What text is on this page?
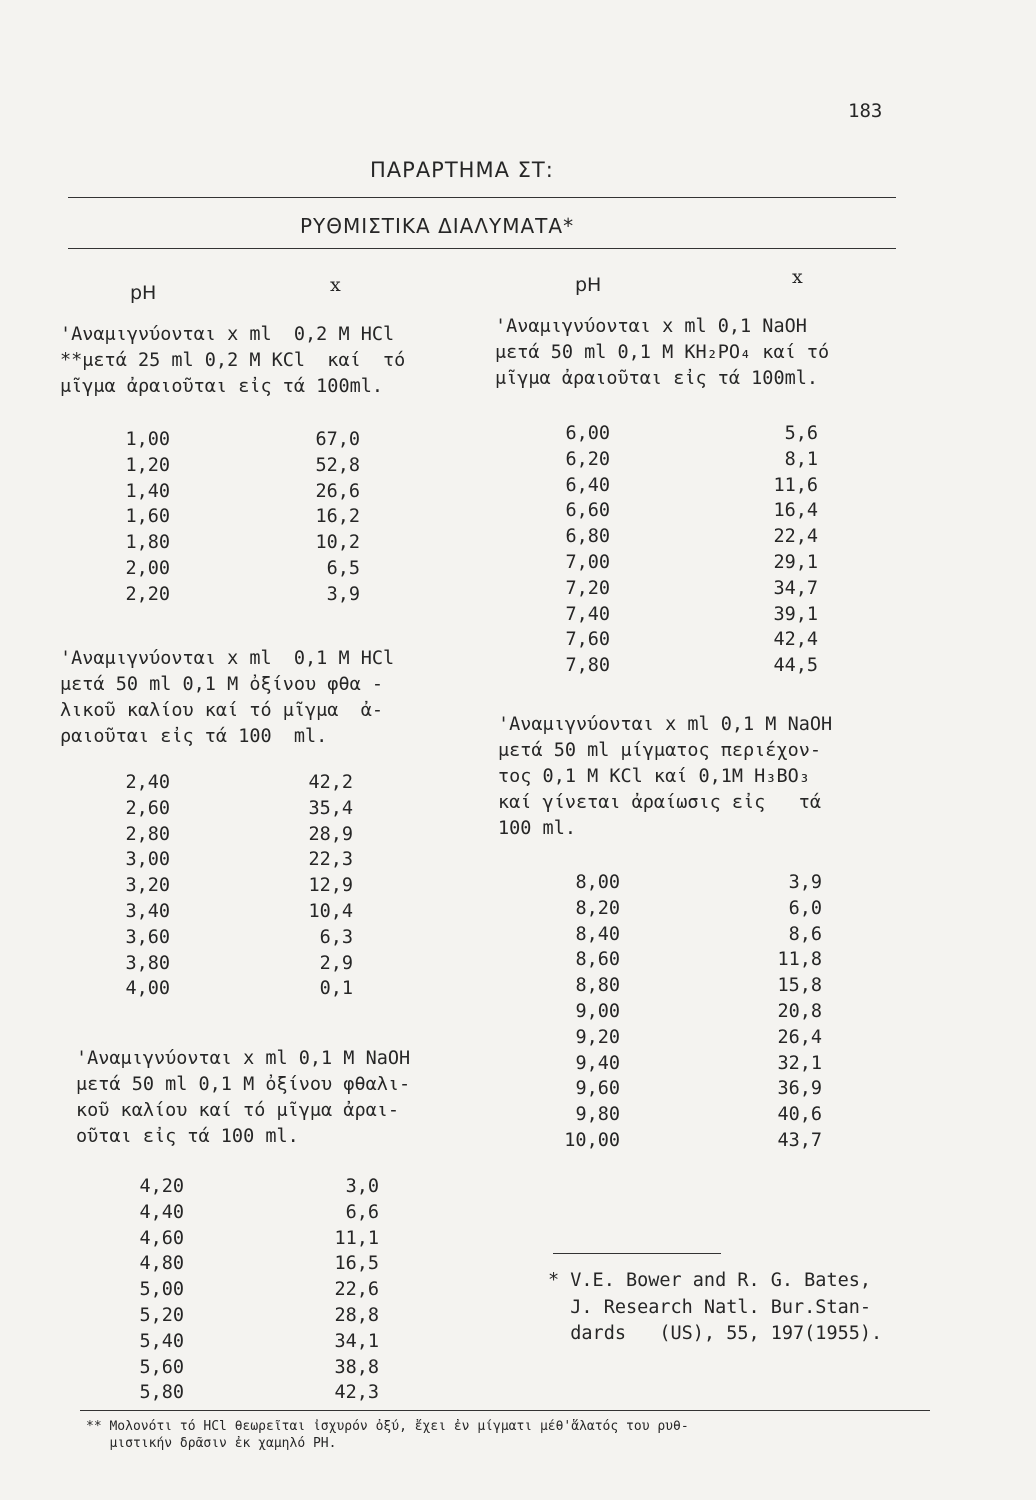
183
ΠΑΡΑΡΤΗΜΑ ΣΤ:
ΡΥΘΜΙΣΤΙΚΑ ΔΙΑΛΥΜΑΤΑ*
pH	x	pH	x
'Αναμιγνύονται x ml  0,2 M HCl
**μετά 25 ml 0,2 M KCl  καί  τό
μῖγμα ἀραιοῦται εἰς τά 100ml.
1,00	67,0
1,20	52,8
1,40	26,6
1,60	16,2
1,80	10,2
2,00	6,5
2,20	3,9
'Αναμιγνύονται x ml  0,1 M HCl
μετά 50 ml 0,1 M ὀξίνου φθα -
λικοῦ καλίου καί τό μῖγμα  ἀ-
ραιοῦται εἰς τά 100  ml.
2,40	42,2
2,60	35,4
2,80	28,9
3,00	22,3
3,20	12,9
3,40	10,4
3,60	6,3
3,80	2,9
4,00	0,1
'Αναμιγνύονται x ml 0,1 M NaOH
μετά 50 ml 0,1 M ὀξίνου φθαλι-
κοῦ καλίου καί τό μῖγμα ἀραι-
οῦται εἰς τά 100 ml.
4,20	3,0
4,40	6,6
4,60	11,1
4,80	16,5
5,00	22,6
5,20	28,8
5,40	34,1
5,60	38,8
5,80	42,3
'Αναμιγνύονται x ml 0,1 NaOH
μετά 50 ml 0,1 M KH₂PO₄ καί τό
μῖγμα ἀραιοῦται εἰς τά 100ml.
6,00	5,6
6,20	8,1
6,40	11,6
6,60	16,4
6,80	22,4
7,00	29,1
7,20	34,7
7,40	39,1
7,60	42,4
7,80	44,5
'Αναμιγνύονται x ml 0,1 M NaOH
μετά 50 ml μίγματος περιέχον-
τος 0,1 M KCl καί 0,1M H₃BO₃
καί γίνεται ἀραίωσις εἰς   τά
100 ml.
8,00	3,9
8,20	6,0
8,40	8,6
8,60	11,8
8,80	15,8
9,00	20,8
9,20	26,4
9,40	32,1
9,60	36,9
9,80	40,6
10,00	43,7
* V.E. Bower and R. G. Bates,
J. Research Natl. Bur.Stan-
dards   (US), 55, 197(1955).
** Μολονότι τό HCl θεωρεῖται ἰσχυρόν ὀξύ, ἔχει ἐν μίγματι μέθ'ἅλατός του ρυθ-
μιστικήν δρᾶσιν ἐκ χαμηλό PH.
